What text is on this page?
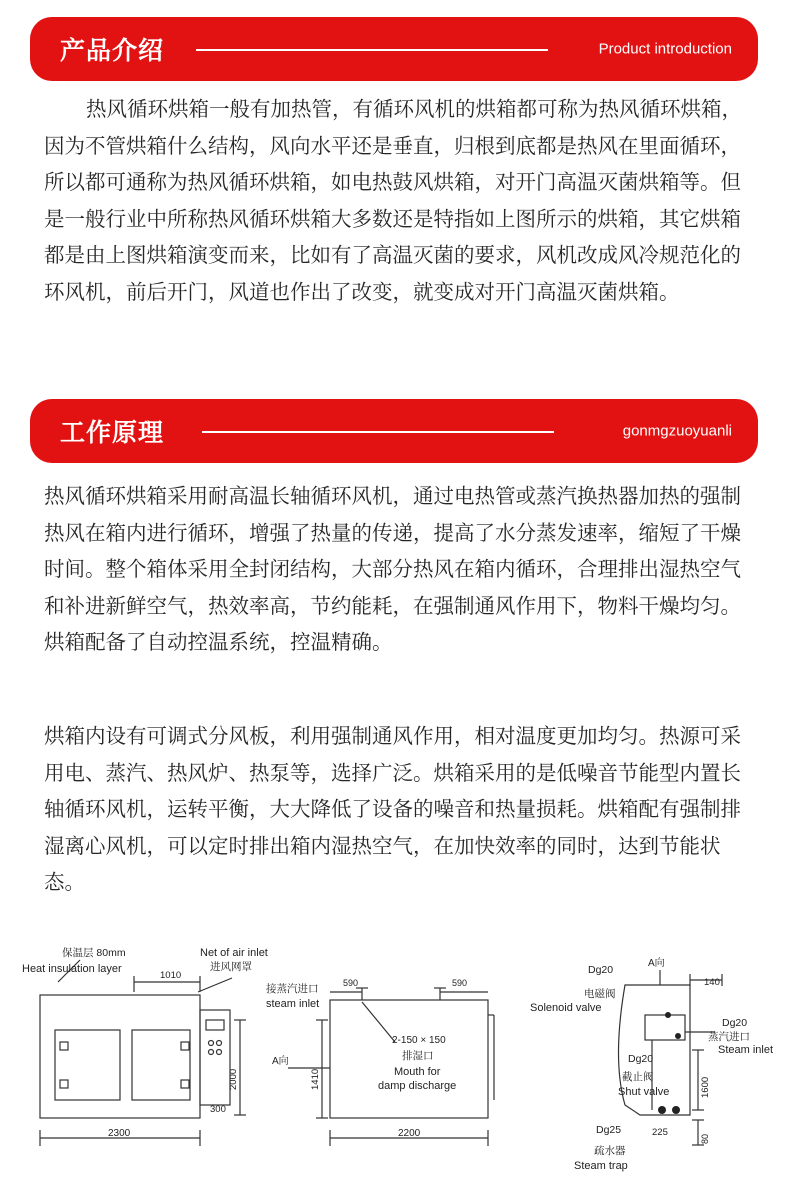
产品介绍	Product introduction

热风循环烘箱一般有加热管，有循环风机的烘箱都可称为热风循环烘箱，因为不管烘箱什么结构，风向水平还是垂直，归根到底都是热风在里面循环，所以都可通称为热风循环烘箱，如电热鼓风烘箱，对开门高温灭菌烘箱等。但是一般行业中所称热风循环烘箱大多数还是特指如上图所示的烘箱，其它烘箱都是由上图烘箱演变而来，比如有了高温灭菌的要求，风机改成风冷规范化的环风机，前后开门，风道也作出了改变，就变成对开门高温灭菌烘箱。

工作原理	gonmgzuoyuanli

热风循环烘箱采用耐高温长轴循环风机，通过电热管或蒸汽换热器加热的强制热风在箱内进行循环，增强了热量的传递，提高了水分蒸发速率，缩短了干燥时间。整个箱体采用全封闭结构，大部分热风在箱内循环，合理排出湿热空气和补进新鲜空气，热效率高，节约能耗，在强制通风作用下，物料干燥均匀。烘箱配备了自动控温系统，控温精确。

烘箱内设有可调式分风板，利用强制通风作用，相对温度更加均匀。热源可采用电、蒸汽、热风炉、热泵等，选择广泛。烘箱采用的是低噪音节能型内置长轴循环风机，运转平衡，大大降低了设备的噪音和热量损耗。烘箱配有强制排湿离心风机，可以定时排出箱内湿热空气，在加快效率的同时，达到节能状态。

保温层 80mm
Heat insulation layer
Net of air inlet
进风网罩
1010
300
2000
2300
接蒸汽进口
steam inlet
590	590
2-150 × 150
排湿口
Mouth for
damp discharge
A向
1410
2200
Dg20
A向
140
电磁阀
Solenoid valve
Dg20
蒸汽进口
Steam inlet
Dg20
截止阀
Shut valve	1600
Dg25	225
80
疏水器
Steam trap
